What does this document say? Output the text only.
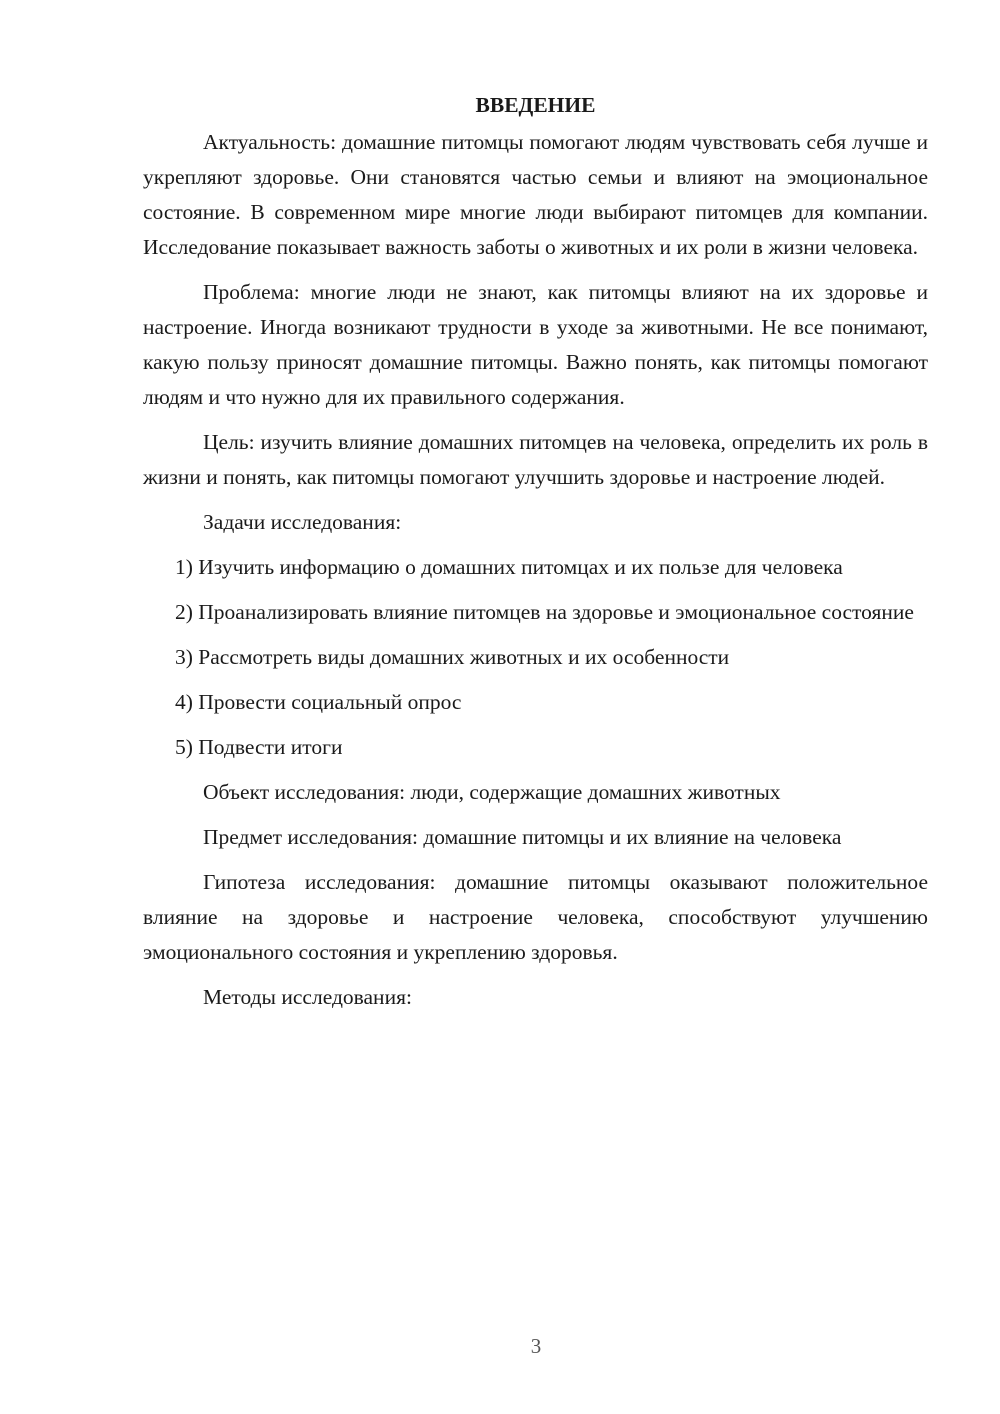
ВВЕДЕНИЕ

Актуальность: домашние питомцы помогают людям чувствовать себя лучше и укрепляют здоровье. Они становятся частью семьи и влияют на эмоциональное состояние. В современном мире многие люди выбирают питомцев для компании. Исследование показывает важность заботы о животных и их роли в жизни человека.

Проблема: многие люди не знают, как питомцы влияют на их здоровье и настроение. Иногда возникают трудности в уходе за животными. Не все понимают, какую пользу приносят домашние питомцы. Важно понять, как питомцы помогают людям и что нужно для их правильного содержания.

Цель: изучить влияние домашних питомцев на человека, определить их роль в жизни и понять, как питомцы помогают улучшить здоровье и настроение людей.

Задачи исследования:

1) Изучить информацию о домашних питомцах и их пользе для человека

2) Проанализировать влияние питомцев на здоровье и эмоциональное состояние

3) Рассмотреть виды домашних животных и их особенности

4) Провести социальный опрос

5) Подвести итоги

Объект исследования: люди, содержащие домашних животных

Предмет исследования: домашние питомцы и их влияние на человека

Гипотеза исследования: домашние питомцы оказывают положительное влияние на здоровье и настроение человека, способствуют улучшению эмоционального состояния и укреплению здоровья.

Методы исследования:

3
